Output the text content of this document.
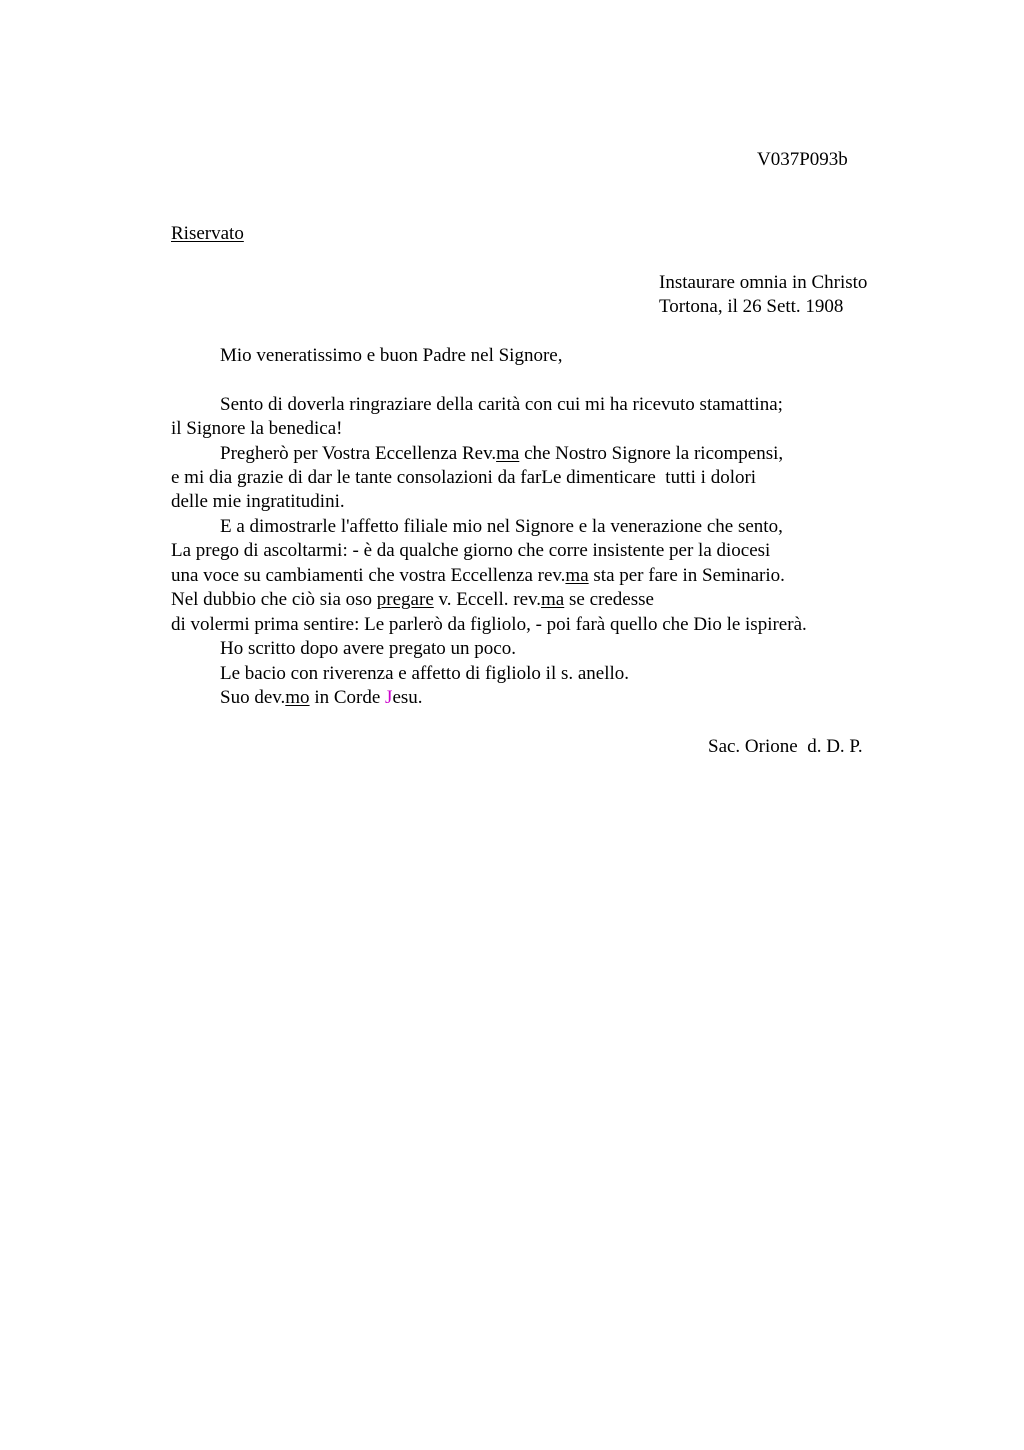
V037P093b
Riservato
Instaurare omnia in Christo
Tortona, il 26 Sett. 1908
Mio veneratissimo e buon Padre nel Signore,
Sento di doverla ringraziare della carità con cui mi ha ricevuto stamattina;
il Signore la benedica!
Pregherò per Vostra Eccellenza Rev.ma che Nostro Signore la ricompensi,
e mi dia grazie di dar le tante consolazioni da farLe dimenticare  tutti i dolori
delle mie ingratitudini.
E a dimostrarle l'affetto filiale mio nel Signore e la venerazione che sento,
La prego di ascoltarmi: - è da qualche giorno che corre insistente per la diocesi
una voce su cambiamenti che vostra Eccellenza rev.ma sta per fare in Seminario.
Nel dubbio che ciò sia oso pregare v. Eccell. rev.ma se credesse
di volermi prima sentire: Le parlerò da figliolo, - poi farà quello che Dio le ispirerà.
Ho scritto dopo avere pregato un poco.
Le bacio con riverenza e affetto di figliolo il s. anello.
Suo dev.mo in Corde Jesu.
Sac. Orione  d. D. P.
